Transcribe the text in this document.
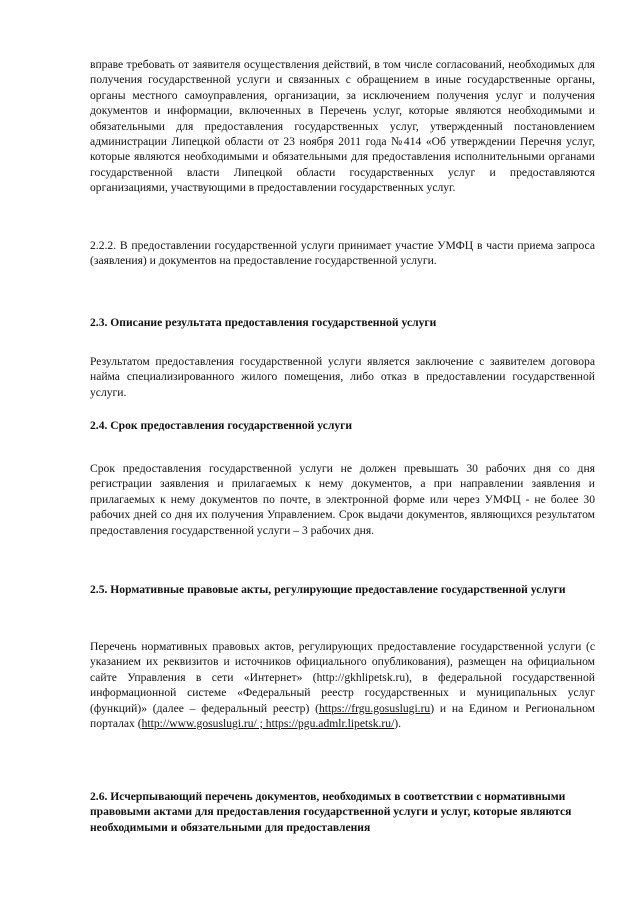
вправе требовать от заявителя осуществления действий, в том числе согласований, необходимых для получения государственной услуги и связанных с обращением в иные государственные органы, органы местного самоуправления, организации, за исключением получения услуг и получения документов и информации, включенных в Перечень услуг, которые являются необходимыми и обязательными для предоставления государственных услуг, утвержденный постановлением администрации Липецкой области от 23 ноября 2011 года №414 «Об утверждении Перечня услуг, которые являются необходимыми и обязательными для предоставления исполнительными органами государственной власти Липецкой области государственных услуг и предоставляются организациями, участвующими в предоставлении государственных услуг.

2.2.2. В предоставлении государственной услуги принимает участие УМФЦ в части приема запроса (заявления) и документов на предоставление государственной услуги.

2.3. Описание результата предоставления государственной услуги

Результатом предоставления государственной услуги является заключение с заявителем договора найма специализированного жилого помещения, либо отказ в предоставлении государственной услуги.

2.4. Срок предоставления государственной услуги

Срок предоставления государственной услуги не должен превышать 30 рабочих дня со дня регистрации заявления и прилагаемых к нему документов, а при направлении заявления и прилагаемых к нему документов по почте, в электронной форме или через УМФЦ - не более 30 рабочих дней со дня их получения Управлением. Срок выдачи документов, являющихся результатом предоставления государственной услуги – 3 рабочих дня.

2.5. Нормативные правовые акты, регулирующие предоставление государственной услуги

Перечень нормативных правовых актов, регулирующих предоставление государственной услуги (с указанием их реквизитов и источников официального опубликования), размещен на официальном сайте Управления в сети «Интернет» (http://gkhlipetsk.ru), в федеральной государственной информационной системе «Федеральный реестр государственных и муниципальных услуг (функций)» (далее – федеральный реестр) (https://frgu.gosuslugi.ru) и на Едином и Региональном порталах (http://www.gosuslugi.ru/ ; https://pgu.admlr.lipetsk.ru/).

2.6. Исчерпывающий перечень документов, необходимых в соответствии с нормативными правовыми актами для предоставления государственной услуги и услуг, которые являются необходимыми и обязательными для предоставления
